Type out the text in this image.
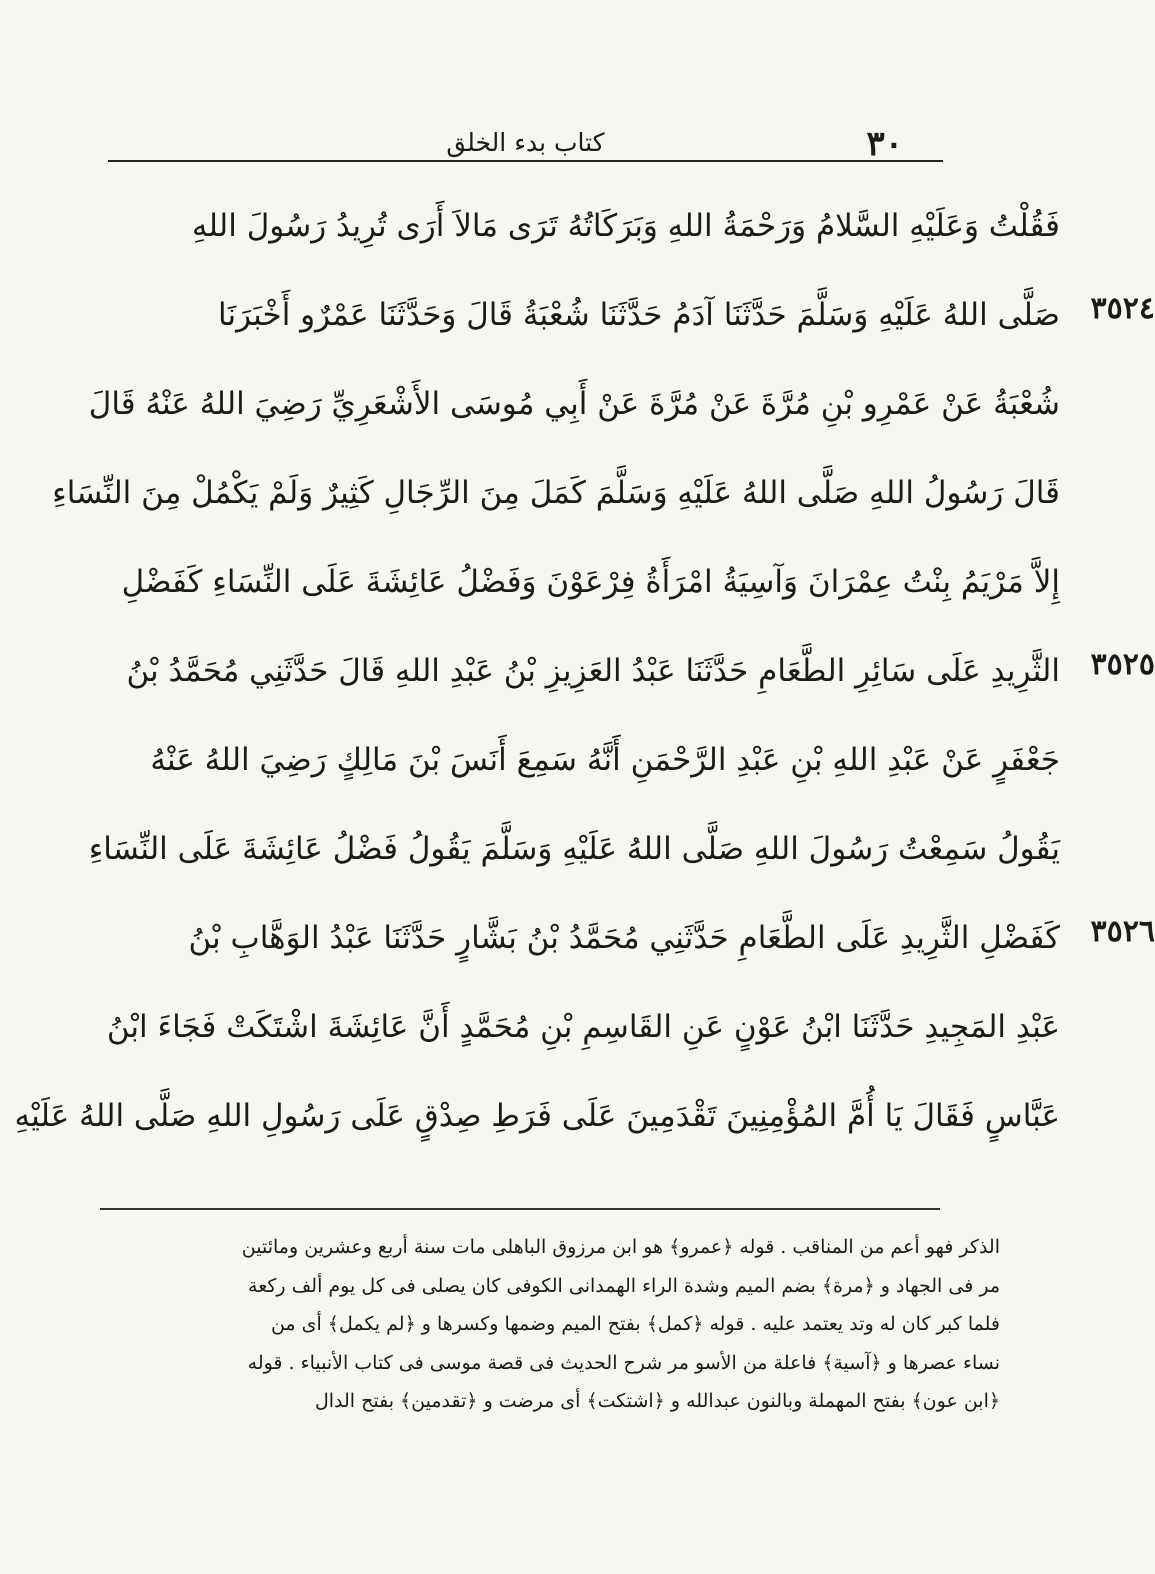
٣٠
كتاب بدء الخلق
فَقُلْتُ وَعَلَيْهِ السَّلامُ وَرَحْمَةُ اللهِ وَبَرَكَاتُهُ تَرَى مَالاَ أَرَى تُرِيدُ رَسُولَ اللهِ
٣٥٢٤
صَلَّى اللهُ عَلَيْهِ وَسَلَّمَ حَدَّثَنَا آدَمُ حَدَّثَنَا شُعْبَةُ قَالَ وَحَدَّثَنَا عَمْرٌو أَخْبَرَنَا
شُعْبَةُ عَنْ عَمْرِو بْنِ مُرَّةَ عَنْ مُرَّةَ عَنْ أَبِي مُوسَى الأَشْعَرِيِّ رَضِيَ اللهُ عَنْهُ قَالَ
قَالَ رَسُولُ اللهِ صَلَّى اللهُ عَلَيْهِ وَسَلَّمَ كَمَلَ مِنَ الرِّجَالِ كَثِيرٌ وَلَمْ يَكْمُلْ مِنَ النِّسَاءِ
إِلاَّ مَرْيَمُ بِنْتُ عِمْرَانَ وَآسِيَةُ امْرَأَةُ فِرْعَوْنَ وَفَضْلُ عَائِشَةَ عَلَى النِّسَاءِ كَفَضْلِ
٣٥٢٥
الثَّرِيدِ عَلَى سَائِرِ الطَّعَامِ حَدَّثَنَا عَبْدُ العَزِيزِ بْنُ عَبْدِ اللهِ قَالَ حَدَّثَنِي مُحَمَّدُ بْنُ
جَعْفَرٍ عَنْ عَبْدِ اللهِ بْنِ عَبْدِ الرَّحْمَنِ أَنَّهُ سَمِعَ أَنَسَ بْنَ مَالِكٍ رَضِيَ اللهُ عَنْهُ
يَقُولُ سَمِعْتُ رَسُولَ اللهِ صَلَّى اللهُ عَلَيْهِ وَسَلَّمَ يَقُولُ فَضْلُ عَائِشَةَ عَلَى النِّسَاءِ
٣٥٢٦
كَفَضْلِ الثَّرِيدِ عَلَى الطَّعَامِ حَدَّثَنِي مُحَمَّدُ بْنُ بَشَّارٍ حَدَّثَنَا عَبْدُ الوَهَّابِ بْنُ
عَبْدِ المَجِيدِ حَدَّثَنَا ابْنُ عَوْنٍ عَنِ القَاسِمِ بْنِ مُحَمَّدٍ أَنَّ عَائِشَةَ اشْتَكَتْ فَجَاءَ ابْنُ
عَبَّاسٍ فَقَالَ يَا أُمَّ المُؤْمِنِينَ تَقْدَمِينَ عَلَى فَرَطِ صِدْقٍ عَلَى رَسُولِ اللهِ صَلَّى اللهُ عَلَيْهِ
الذكر فهو أعم من المناقب . قوله ﴿عمرو﴾ هو ابن مرزوق الباهلى مات سنة أربع وعشرين ومائتين
مر فى الجهاد و ﴿مرة﴾ بضم الميم وشدة الراء الهمدانى الكوفى كان يصلى فى كل يوم ألف ركعة
فلما كبر كان له وتد يعتمد عليه . قوله ﴿كمل﴾ بفتح الميم وضمها وكسرها و ﴿لم يكمل﴾ أى من
نساء عصرها و ﴿آسية﴾ فاعلة من الأسو مر شرح الحديث فى قصة موسى فى كتاب الأنبياء . قوله
﴿ابن عون﴾ بفتح المهملة وبالنون عبدالله و ﴿اشتكت﴾ أى مرضت و ﴿تقدمين﴾ بفتح الدال
